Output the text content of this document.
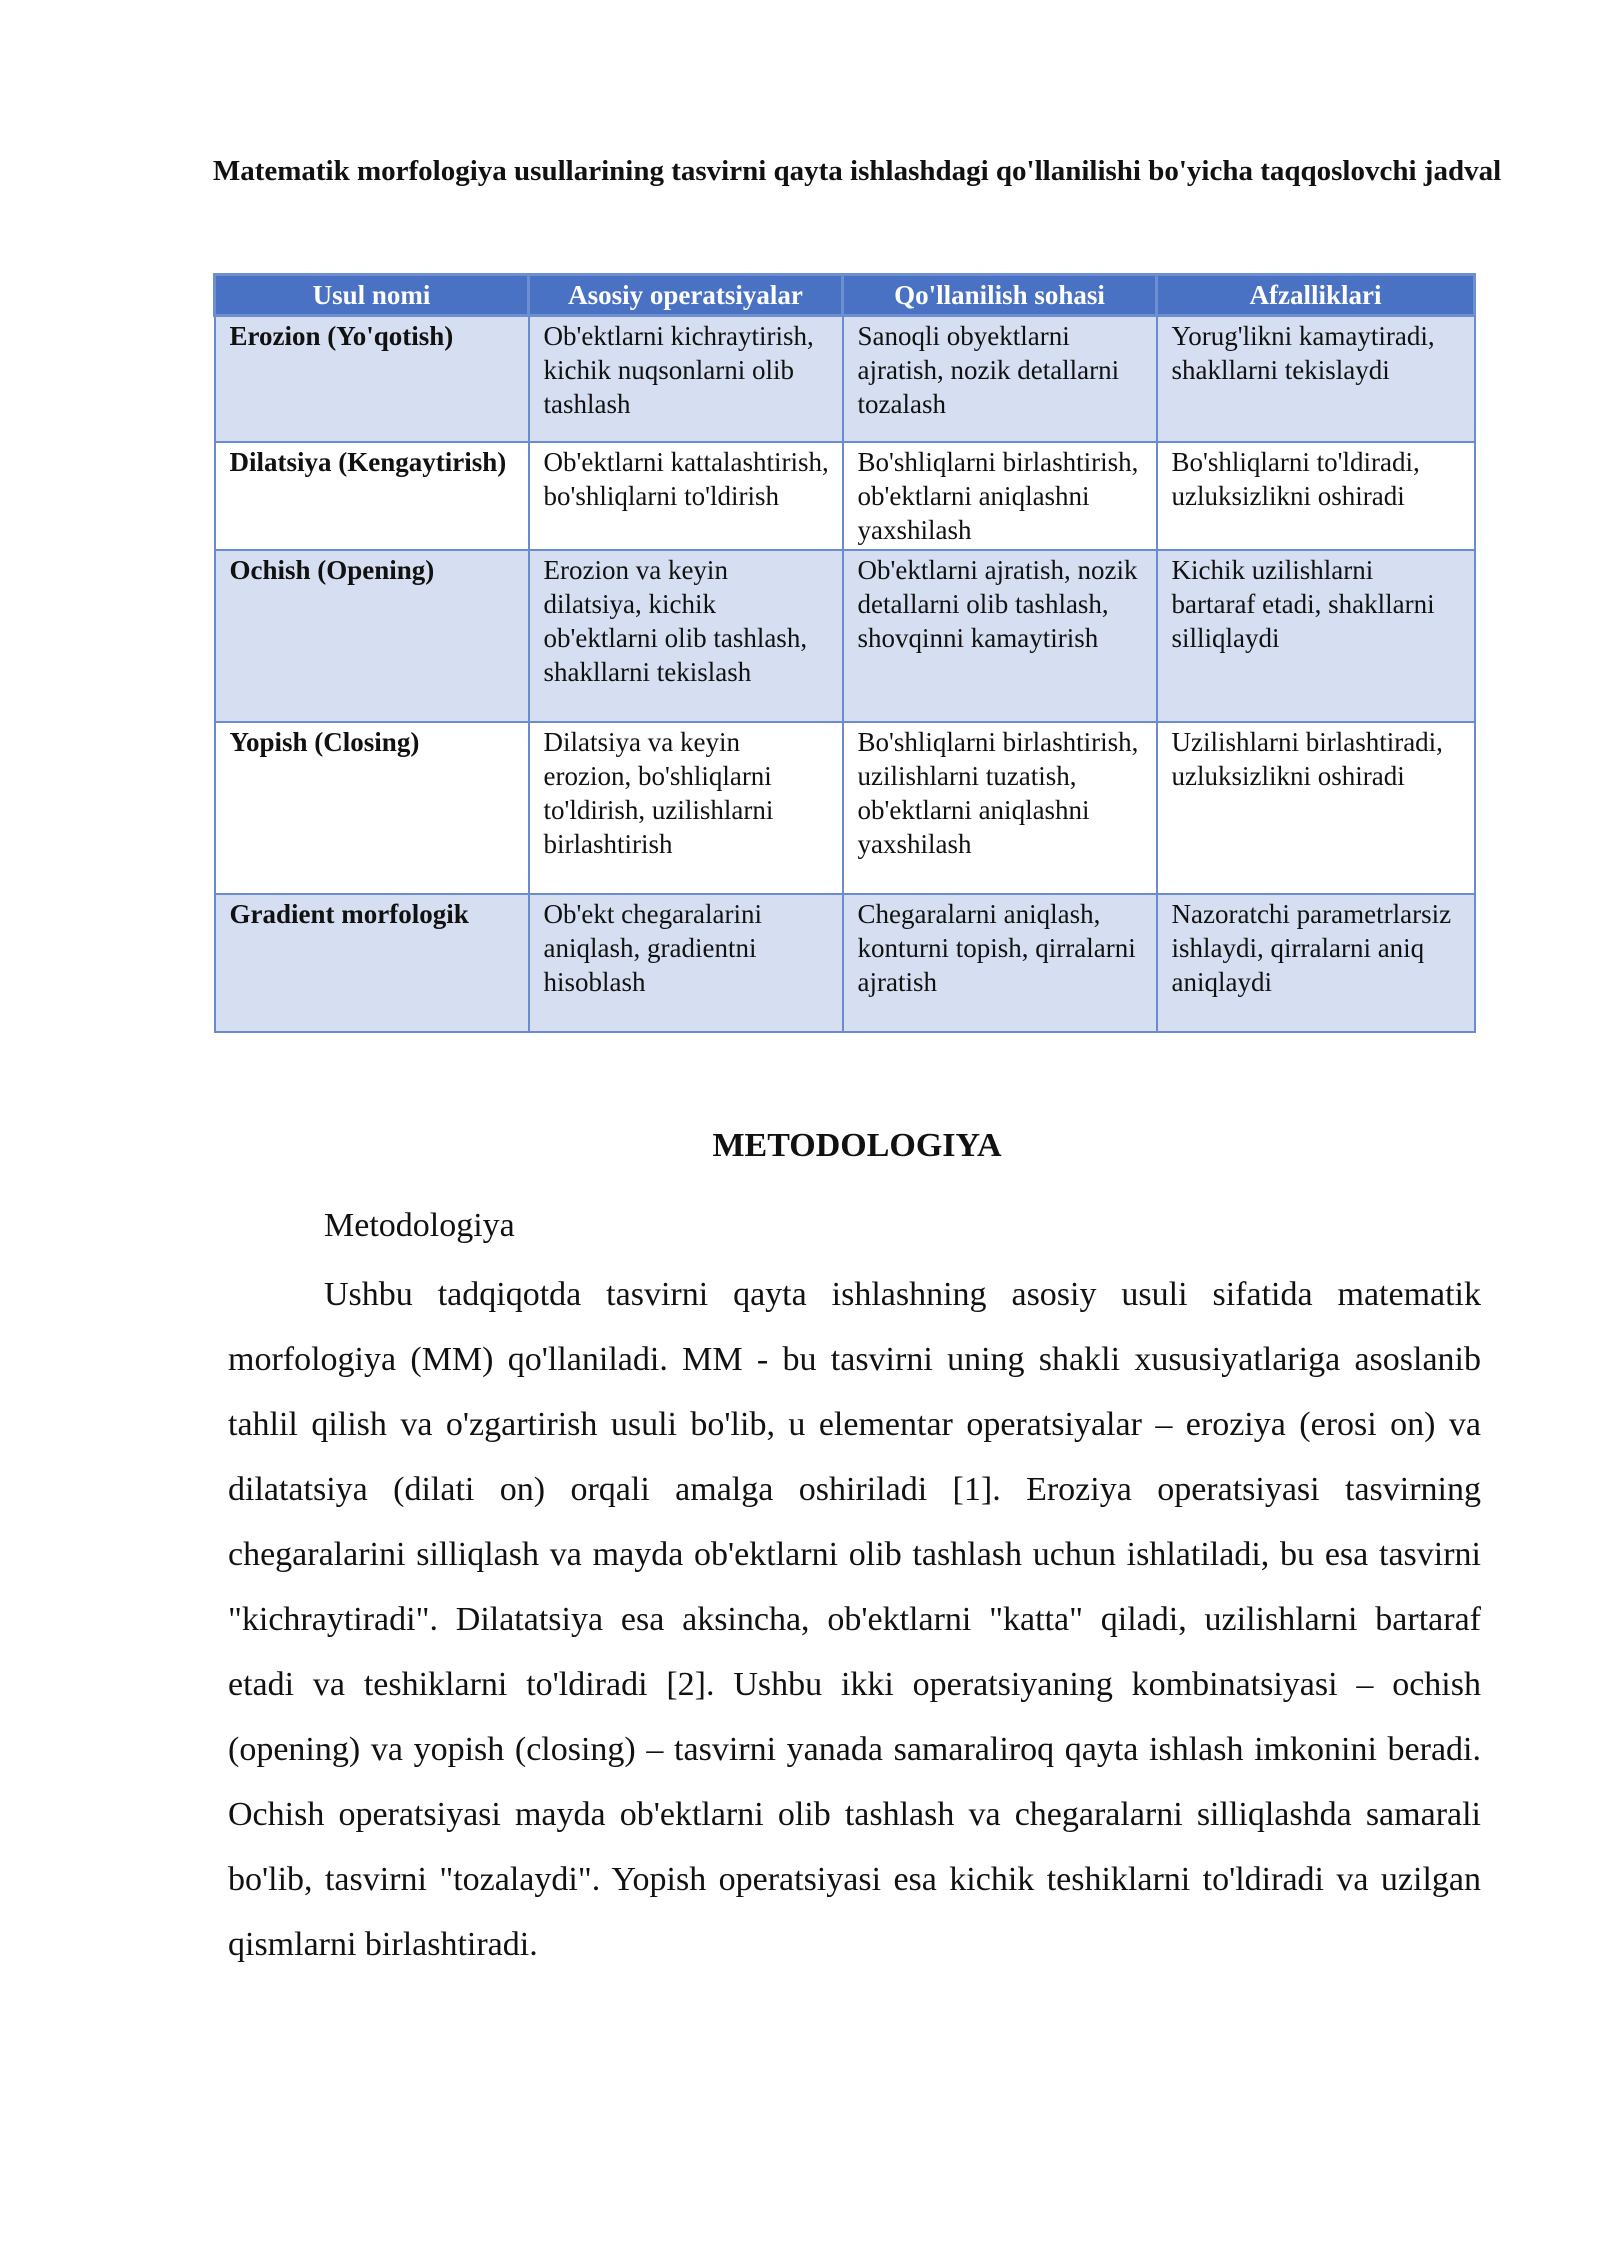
Matematik morfologiya usullarining tasvirni qayta ishlashdagi qo'llanilishi bo'yicha taqqoslovchi jadval
Usul nomi	Asosiy operatsiyalar	Qo'llanilish sohasi	Afzalliklari
Erozion (Yo'qotish)	Ob'ektlarni kichraytirish, kichik nuqsonlarni olib tashlash	Sanoqli obyektlarni ajratish, nozik detallarni tozalash	Yorug'likni kamaytiradi, shakllarni tekislaydi
Dilatsiya (Kengaytirish)	Ob'ektlarni kattalashtirish, bo'shliqlarni to'ldirish	Bo'shliqlarni birlashtirish, ob'ektlarni aniqlashni yaxshilash	Bo'shliqlarni to'ldiradi, uzluksizlikni oshiradi
Ochish (Opening)	Erozion va keyin dilatsiya, kichik ob'ektlarni olib tashlash, shakllarni tekislash	Ob'ektlarni ajratish, nozik detallarni olib tashlash, shovqinni kamaytirish	Kichik uzilishlarni bartaraf etadi, shakllarni silliqlaydi
Yopish (Closing)	Dilatsiya va keyin erozion, bo'shliqlarni to'ldirish, uzilishlarni birlashtirish	Bo'shliqlarni birlashtirish, uzilishlarni tuzatish, ob'ektlarni aniqlashni yaxshilash	Uzilishlarni birlashtiradi, uzluksizlikni oshiradi
Gradient morfologik	Ob'ekt chegaralarini aniqlash, gradientni hisoblash	Chegaralarni aniqlash, konturni topish, qirralarni ajratish	Nazoratchi parametrlarsiz ishlaydi, qirralarni aniq aniqlaydi
METODOLOGIYA
Metodologiya

Ushbu tadqiqotda tasvirni qayta ishlashning asosiy usuli sifatida matematik morfologiya (MM) qo'llaniladi. MM - bu tasvirni uning shakli xususiyatlariga asoslanib tahlil qilish va o'zgartirish usuli bo'lib, u elementar operatsiyalar – eroziya (erosi on) va dilatatsiya (dilati on) orqali amalga oshiriladi [1]. Eroziya operatsiyasi tasvirning chegaralarini silliqlash va mayda ob'ektlarni olib tashlash uchun ishlatiladi, bu esa tasvirni "kichraytiradi". Dilatatsiya esa aksincha, ob'ektlarni "katta" qiladi, uzilishlarni bartaraf etadi va teshiklarni to'ldiradi [2]. Ushbu ikki operatsiyaning kombinatsiyasi – ochish (opening) va yopish (closing) – tasvirni yanada samaraliroq qayta ishlash imkonini beradi. Ochish operatsiyasi mayda ob'ektlarni olib tashlash va chegaralarni silliqlashda samarali bo'lib, tasvirni "tozalaydi". Yopish operatsiyasi esa kichik teshiklarni to'ldiradi va uzilgan qismlarni birlashtiradi.
